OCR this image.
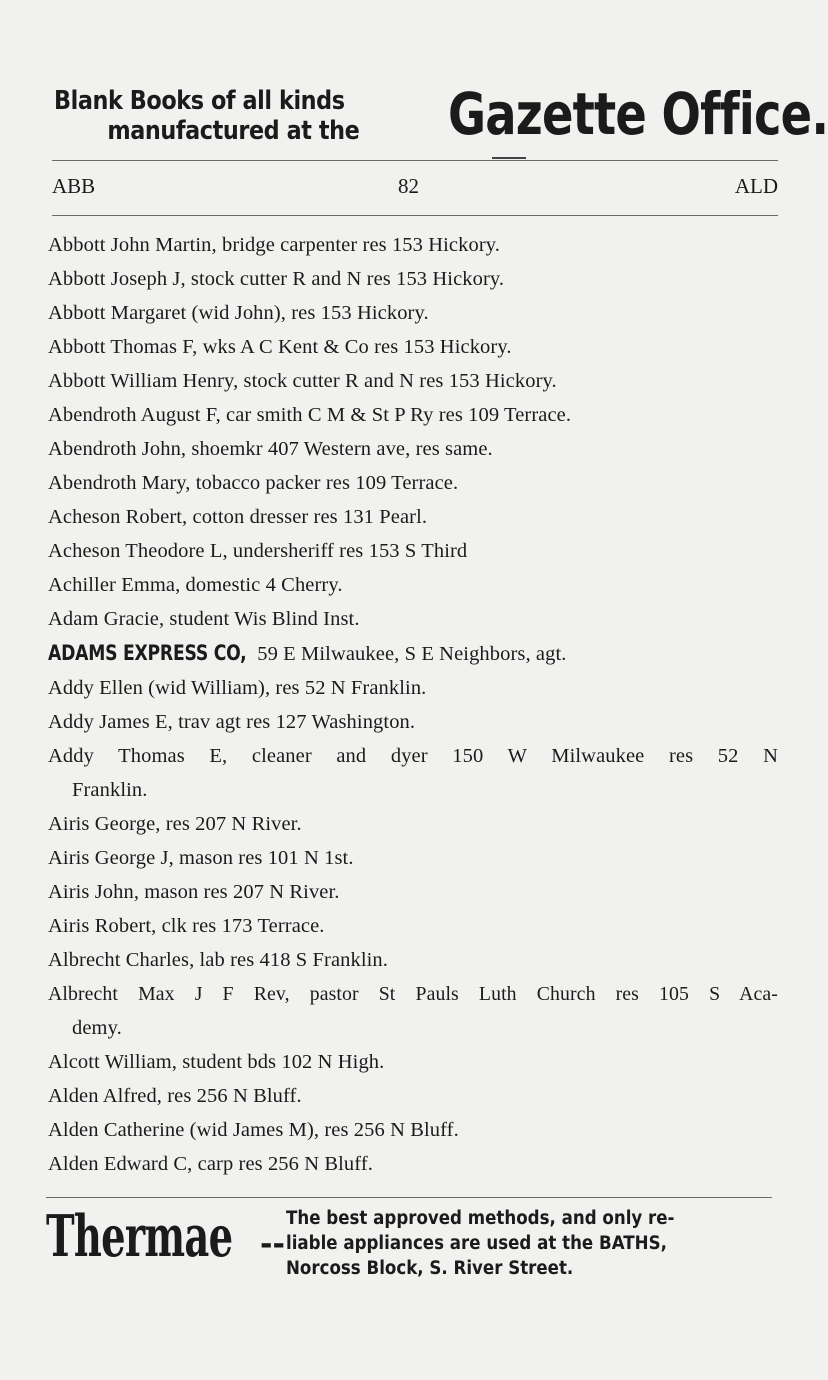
Blank Books of all kinds
manufactured at the	Gazette Office.
ABB	82	ALD
Abbott John Martin, bridge carpenter res 153 Hickory.
Abbott Joseph J, stock cutter R and N res 153 Hickory.
Abbott Margaret (wid John), res 153 Hickory.
Abbott Thomas F, wks A C Kent & Co res 153 Hickory.
Abbott William Henry, stock cutter R and N res 153 Hickory.
Abendroth August F, car smith C M & St P Ry res 109 Terrace.
Abendroth John, shoemkr 407 Western ave, res same.
Abendroth Mary, tobacco packer res 109 Terrace.
Acheson Robert, cotton dresser res 131 Pearl.
Acheson Theodore L, undersheriff res 153 S Third
Achiller Emma, domestic 4 Cherry.
Adam Gracie, student Wis Blind Inst.
ADAMS EXPRESS CO, 59 E Milwaukee, S E Neighbors, agt.
Addy Ellen (wid William), res 52 N Franklin.
Addy James E, trav agt res 127 Washington.
Addy Thomas E, cleaner and dyer 150 W Milwaukee res 52 N
Franklin.
Airis George, res 207 N River.
Airis George J, mason res 101 N 1st.
Airis John, mason res 207 N River.
Airis Robert, clk res 173 Terrace.
Albrecht Charles, lab res 418 S Franklin.
Albrecht Max J F Rev, pastor St Pauls Luth Church res 105 S Aca-
demy.
Alcott William, student bds 102 N High.
Alden Alfred, res 256 N Bluff.
Alden Catherine (wid James M), res 256 N Bluff.
Alden Edward C, carp res 256 N Bluff.
Thermae --
The best approved methods, and only re-
liable appliances are used at the BATHS,
Norcoss Block, S. River Street.
